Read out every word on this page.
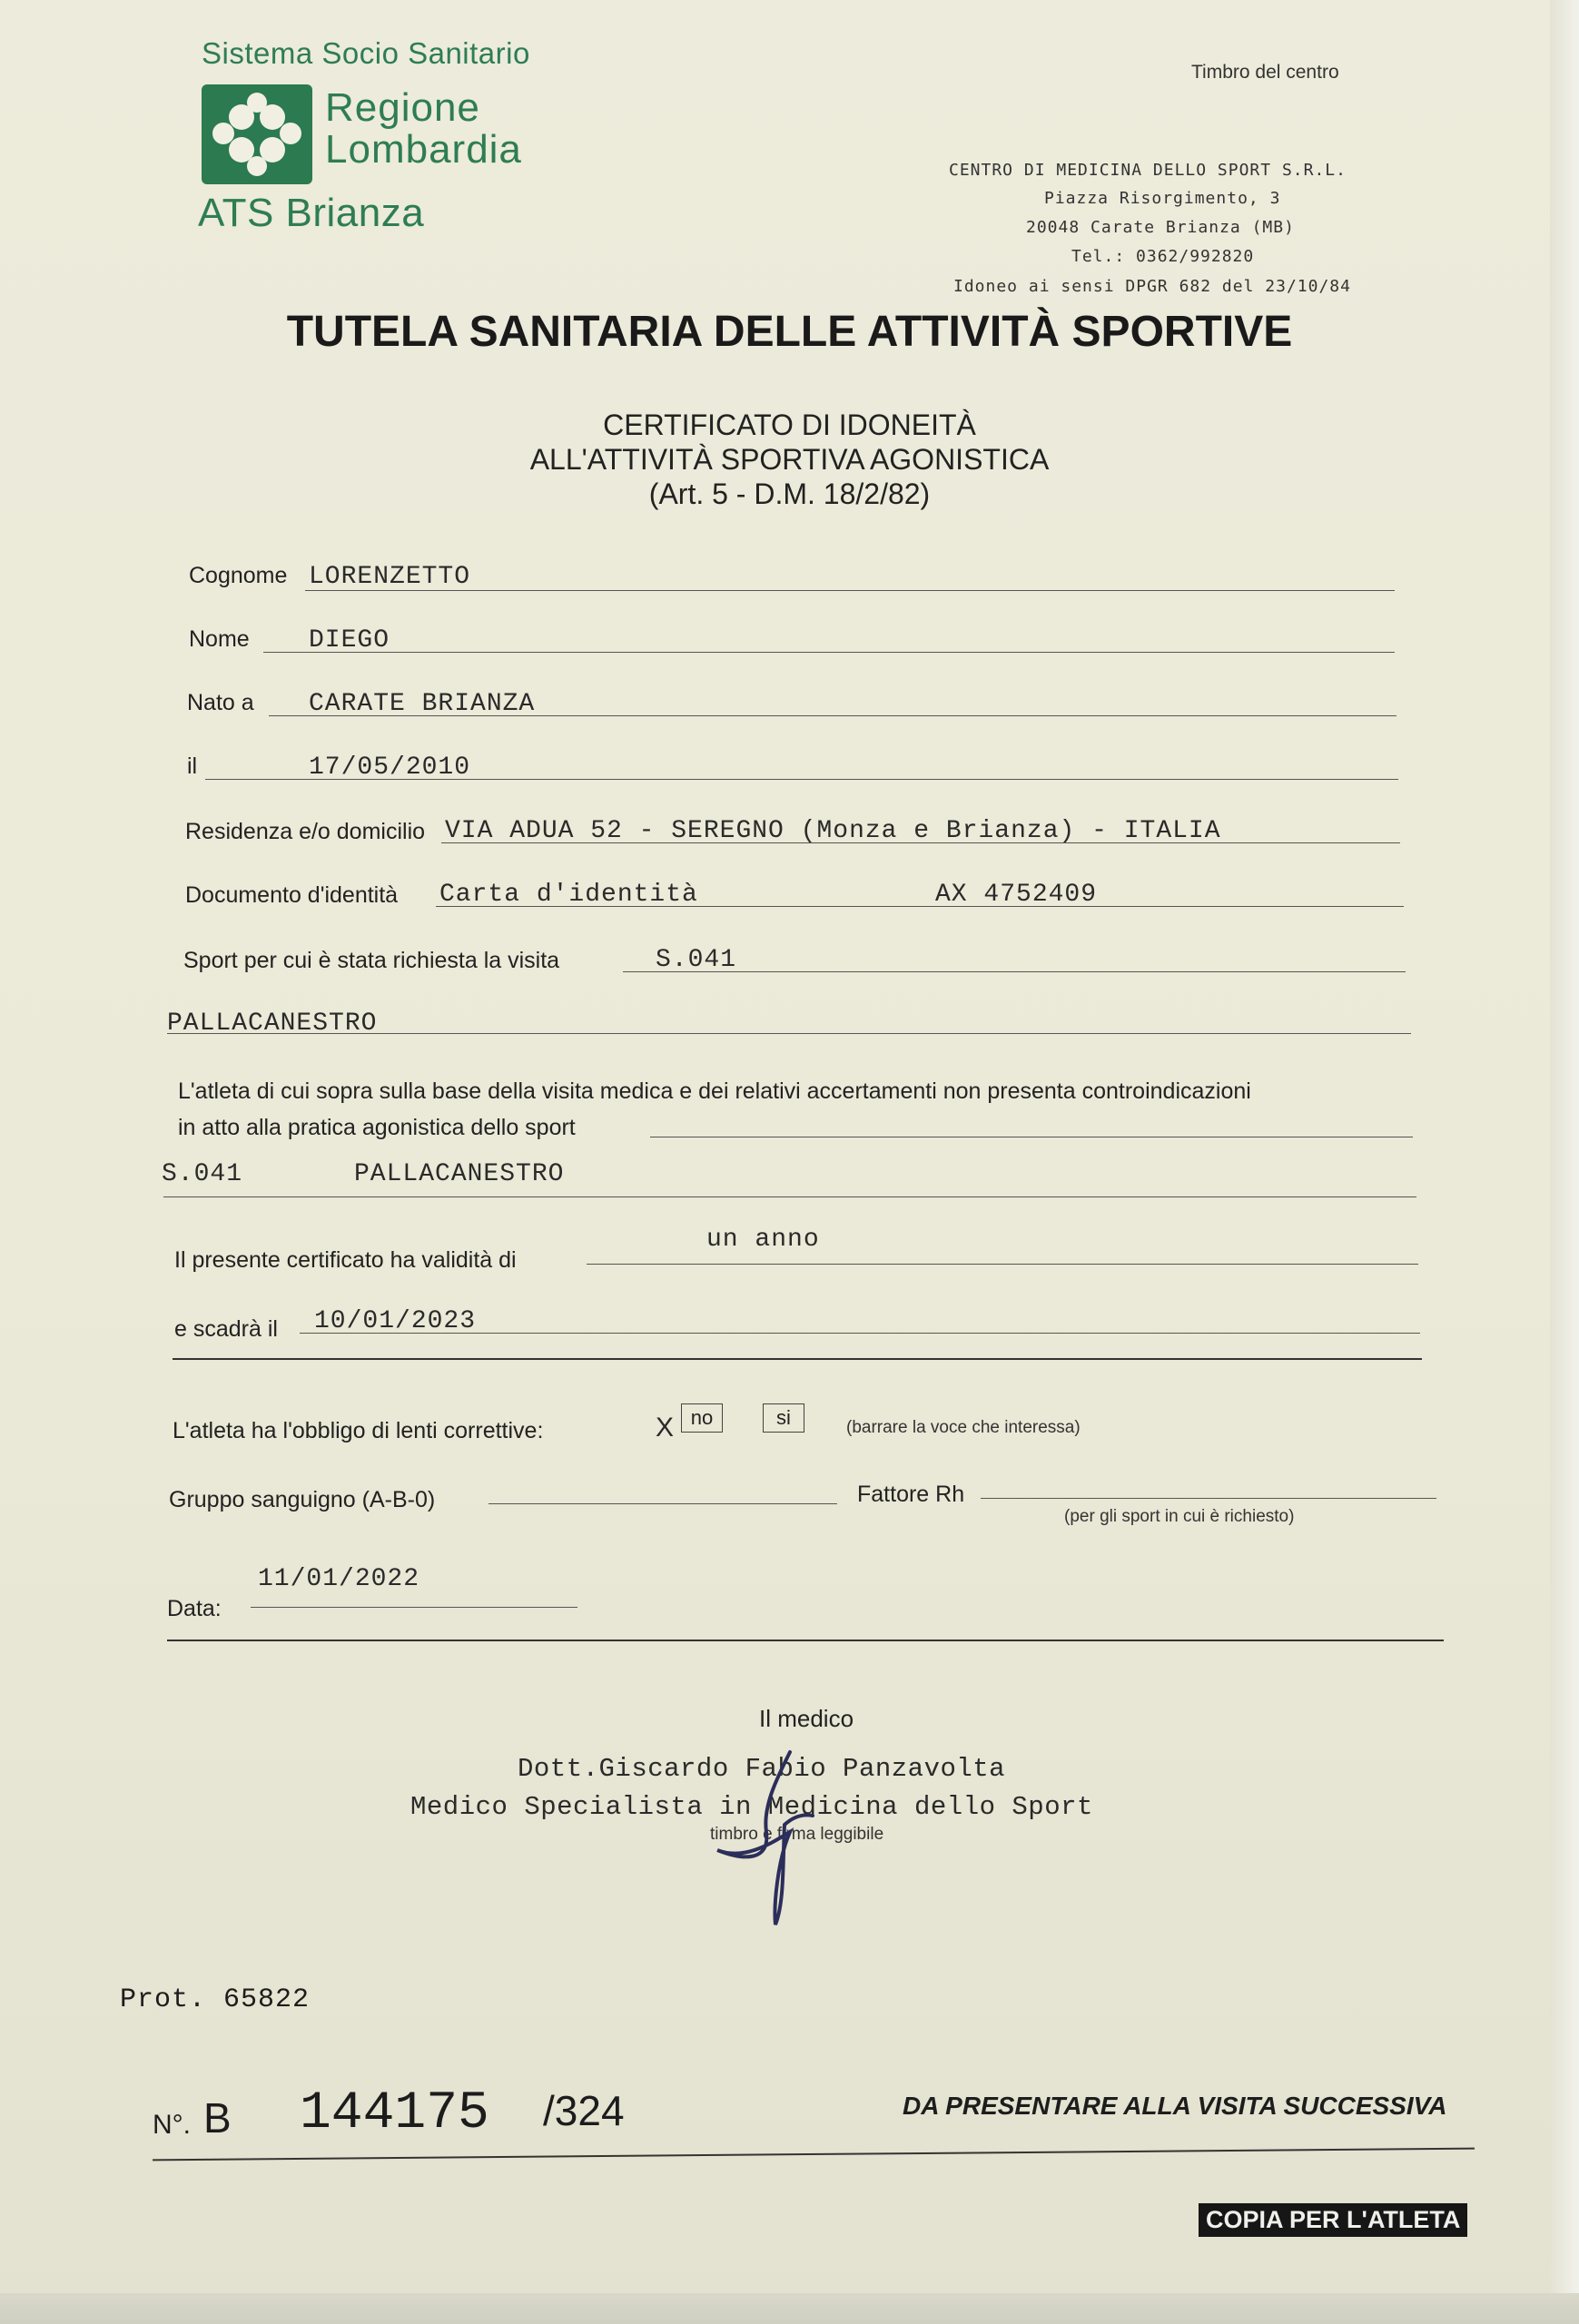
Sistema Socio Sanitario
Regione
Lombardia
ATS Brianza
Timbro del centro
CENTRO DI MEDICINA DELLO SPORT S.R.L.
Piazza Risorgimento, 3
20048 Carate Brianza (MB)
Tel.: 0362/992820
Idoneo ai sensi DPGR 682 del 23/10/84
TUTELA SANITARIA DELLE ATTIVITÀ SPORTIVE
CERTIFICATO DI IDONEITÀ
ALL'ATTIVITÀ SPORTIVA AGONISTICA
(Art. 5 - D.M. 18/2/82)
Cognome LORENZETTO
Nome DIEGO
Nato a CARATE BRIANZA
il	17/05/2010
Residenza e/o domicilio VIA ADUA 52 - SEREGNO (Monza e Brianza) - ITALIA
Documento d'identità Carta d'identità	AX 4752409
Sport per cui è stata richiesta la visita	S.041
PALLACANESTRO
L'atleta di cui sopra sulla base della visita medica e dei relativi accertamenti non presenta controindicazioni
in atto alla pratica agonistica dello sport
S.041	PALLACANESTRO
Il presente certificato ha validità di
un anno
e scadrà il 10/01/2023
L'atleta ha l'obbligo di lenti correttive:	X no	si	(barrare la voce che interessa)
Gruppo sanguigno (A-B-0)	Fattore Rh
(per gli sport in cui è richiesto)
11/01/2022
Data:
Il medico
Dott.Giscardo Fabio Panzavolta
Medico Specialista in Medicina dello Sport
timbro e firma leggibile
Prot. 65822
N°. B 144175 /324	DA PRESENTARE ALLA VISITA SUCCESSIVA
COPIA PER L'ATLETA
